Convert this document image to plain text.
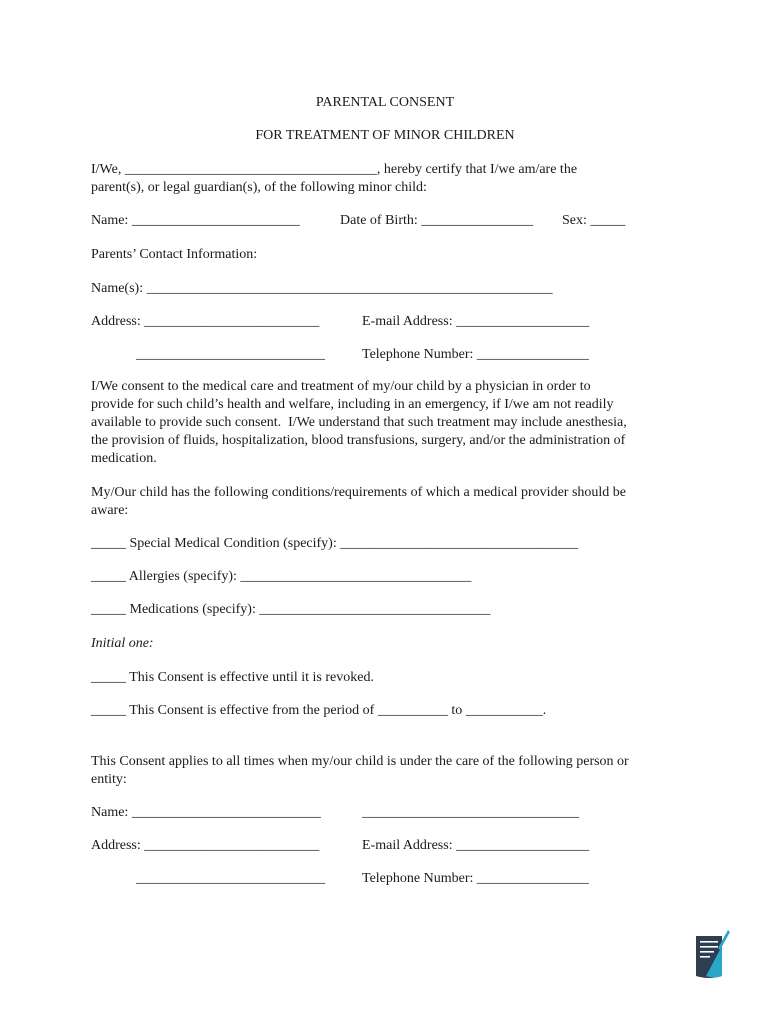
PARENTAL CONSENT
FOR TREATMENT OF MINOR CHILDREN
I/We, ____________________________________, hereby certify that I/we am/are the
parent(s), or legal guardian(s), of the following minor child:
Name: ________________________	Date of Birth: ________________ Sex: _____
Parents’ Contact Information:
Name(s): __________________________________________________________
Address: _________________________	E-mail Address: ___________________
___________________________	Telephone Number: ________________
I/We consent to the medical care and treatment of my/our child by a physician in order to
provide for such child’s health and welfare, including in an emergency, if I/we am not readily
available to provide such consent.  I/We understand that such treatment may include anesthesia,
the provision of fluids, hospitalization, blood transfusions, surgery, and/or the administration of
medication.
My/Our child has the following conditions/requirements of which a medical provider should be
aware:
_____ Special Medical Condition (specify): __________________________________
_____ Allergies (specify): _________________________________
_____ Medications (specify): _________________________________
Initial one:
_____ This Consent is effective until it is revoked.
_____ This Consent is effective from the period of __________ to ___________.
This Consent applies to all times when my/our child is under the care of the following person or
entity:
Name: ___________________________	_______________________________
Address: _________________________	E-mail Address: ___________________
___________________________	Telephone Number: ________________
